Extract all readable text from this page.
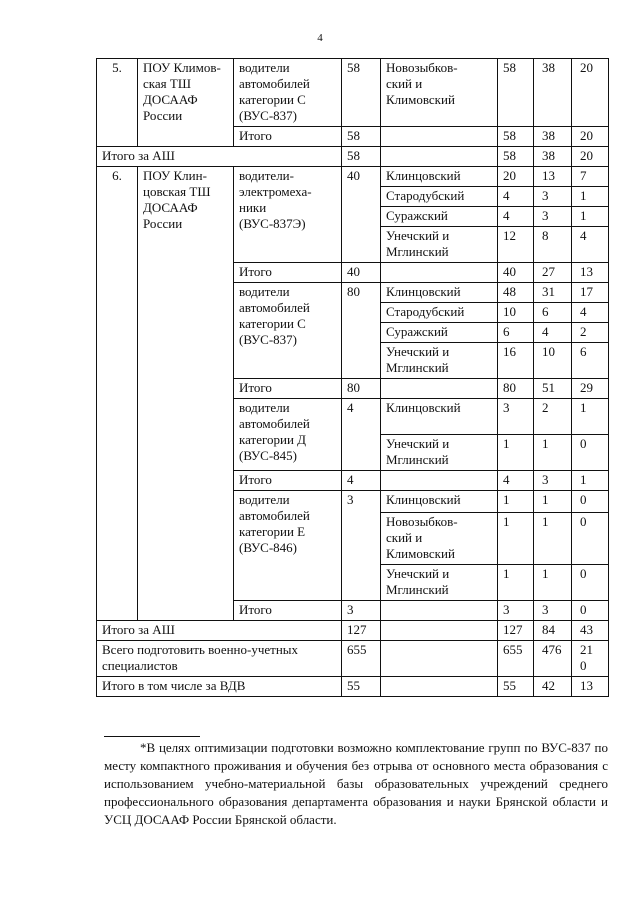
4
5.	ПОУ Климов-
ская ТШ
ДОСААФ
России	водители
автомобилей
категории С
(ВУС-837)	58	Новозыбков-
ский и
Климовский	58	38	20
		Итого	58		58	38	20
Итого за АШ			58		58	38	20
6.	ПОУ Клин-
цовская ТШ
ДОСААФ
России	водители-
электромеха-
ники
(ВУС-837Э)	40	Клинцовский	20	13	7
				Стародубский	4	3	1
				Суражский	4	3	1
				Унечский и
Мглинский	12	8	4
		Итого	40		40	27	13
		водители
автомобилей
категории С
(ВУС-837)	80	Клинцовский	48	31	17
				Стародубский	10	6	4
				Суражский	6	4	2
				Унечский и
Мглинский	16	10	6
		Итого	80		80	51	29
		водители
автомобилей
категории Д
(ВУС-845)	4	Клинцовский	3	2	1
				Унечский и
Мглинский	1	1	0
		Итого	4		4	3	1
		водители
автомобилей
категории Е
(ВУС-846)	3	Клинцовский	1	1	0
				Новозыбков-
ский и
Климовский	1	1	0
				Унечский и
Мглинский	1	1	0
		Итого	3		3	3	0
Итого за АШ			127		127	84	43
Всего подготовить военно-учетных
специалистов			655		655	476	21
0
Итого в том числе за ВДВ			55		55	42	13
*В целях оптимизации подготовки возможно комплектование групп по ВУС-837 по месту компактного проживания и обучения без отрыва от основного места образования с использованием учебно-материальной базы образовательных учреждений среднего профессионального образования департамента образования и науки Брянской области и УСЦ ДОСААФ России Брянской области.
